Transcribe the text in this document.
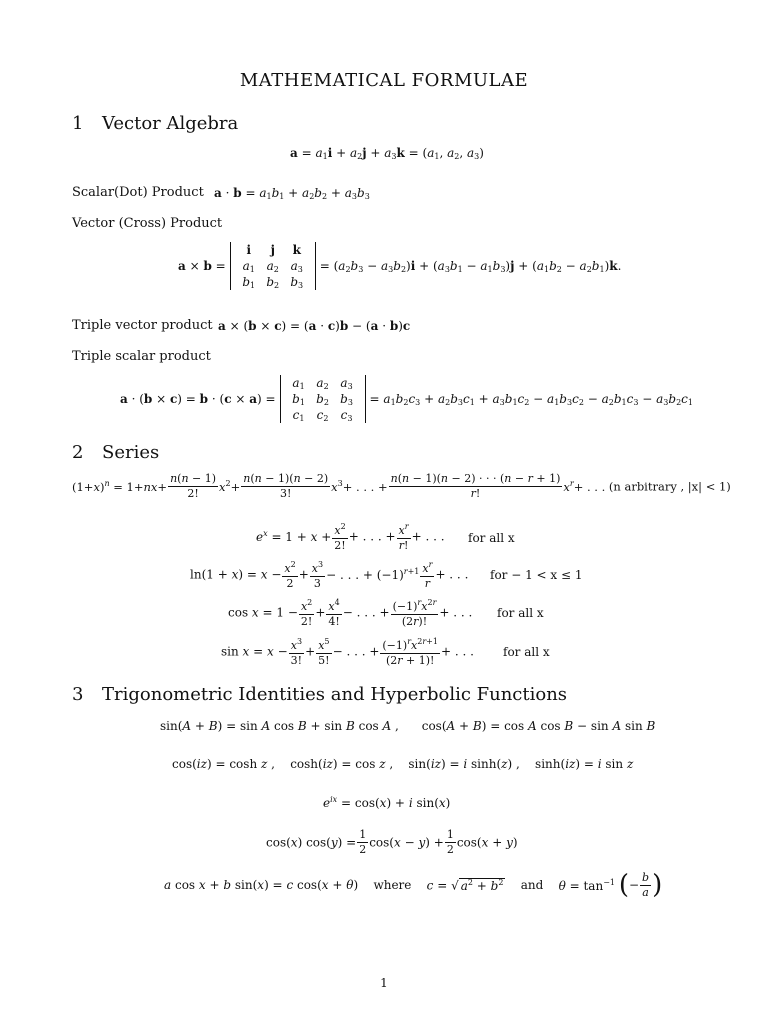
MATHEMATICAL FORMULAE
1 Vector Algebra
$a = a_1i + a_2j + a_3k = (a_1$, $a_2$, $a_3$)
Scalar(Dot) Product $a \cdot b = a_1b_1 + a_2b_2 + a_3b_3$
Vector (Cross) Product
a × b =
i	j	k
$a_1$	$a_2$	$a_3$
$b_1$	$b_2$	$b_3$
= $(a_2b_3 - a_3b_2)i + (a_3b_1 - a_1b_3)j + (a_1b_2 - a_2b_1)k$.
Triple vector product a × (b × c) = (a · c)b − (a · b)c
Triple scalar product
a · (b × c) = b · (c × a) =
$a_1$	$a_2$	$a_3$
$b_1$	$b_2$	$b_3$
$c_1$	$c_2$	$c_3$
= $a_1b_2c_3 + a_2b_3c_1 + a_3b_1c_2 - a_1b_3c_2 - a_2b_1c_3 - a_3b_2c_1$
2 Series
$(1+x)^n = 1+nx+ \frac{n(n - 1)}{2!} x^2+ \frac{n(n - 1)(n - 2)}{3!} x^3+$ . . . + $\frac{n(n - 1)(n - 2) \cdot \cdot \cdot (n - r + 1)}{r!} x^r+$ . . . (n arbitrary , |x| < 1)
$e^x = 1 + x + \frac{x^2}{2!}$ + . . . + $\frac{x^r}{r!}$ + . . . for all x
$\ln(1 + x) = x - \frac{x^2}{2} + \frac{x^3}{3}$ − . . . + $(-1)^{r+1} \frac{x^r}{r}$ + . . . for − 1 < x ≤ 1
$\cos x = 1 - \frac{x^2}{2!} + \frac{x^4}{4!}$ − . . . + $\frac{(-1)^rx^{2r}}{(2r)!}$ + . . . for all x
$\sin x = x - \frac{x^3}{3!} + \frac{x^5}{5!}$ − . . . + $\frac{(-1)^rx^{2r+1}}{(2r + 1)!}$ + . . . for all x
3 Trigonometric Identities and Hyperbolic Functions
sin(A + B) = sin A cos B + sin B cos A ,      cos(A + B) = cos A cos B − sin A sin B
cos(iz) = cosh z ,    cosh(iz) = cos z ,    sin(iz) = i sinh(z) ,    sinh(iz) = i sin z
$e^{ix} = \cos(x) + i$ sin(x)
cos(x) $\cos(y) = \frac{1}{2} \cos(x - y) + \frac{1}{2} \cos(x + y)$
a cos x + b sin(x) = c cos(x + θ)    where c = √ $a^2 + b^2$ and $\theta = \tan^{-1}$ (− $\frac{b}{a}$ )
1
